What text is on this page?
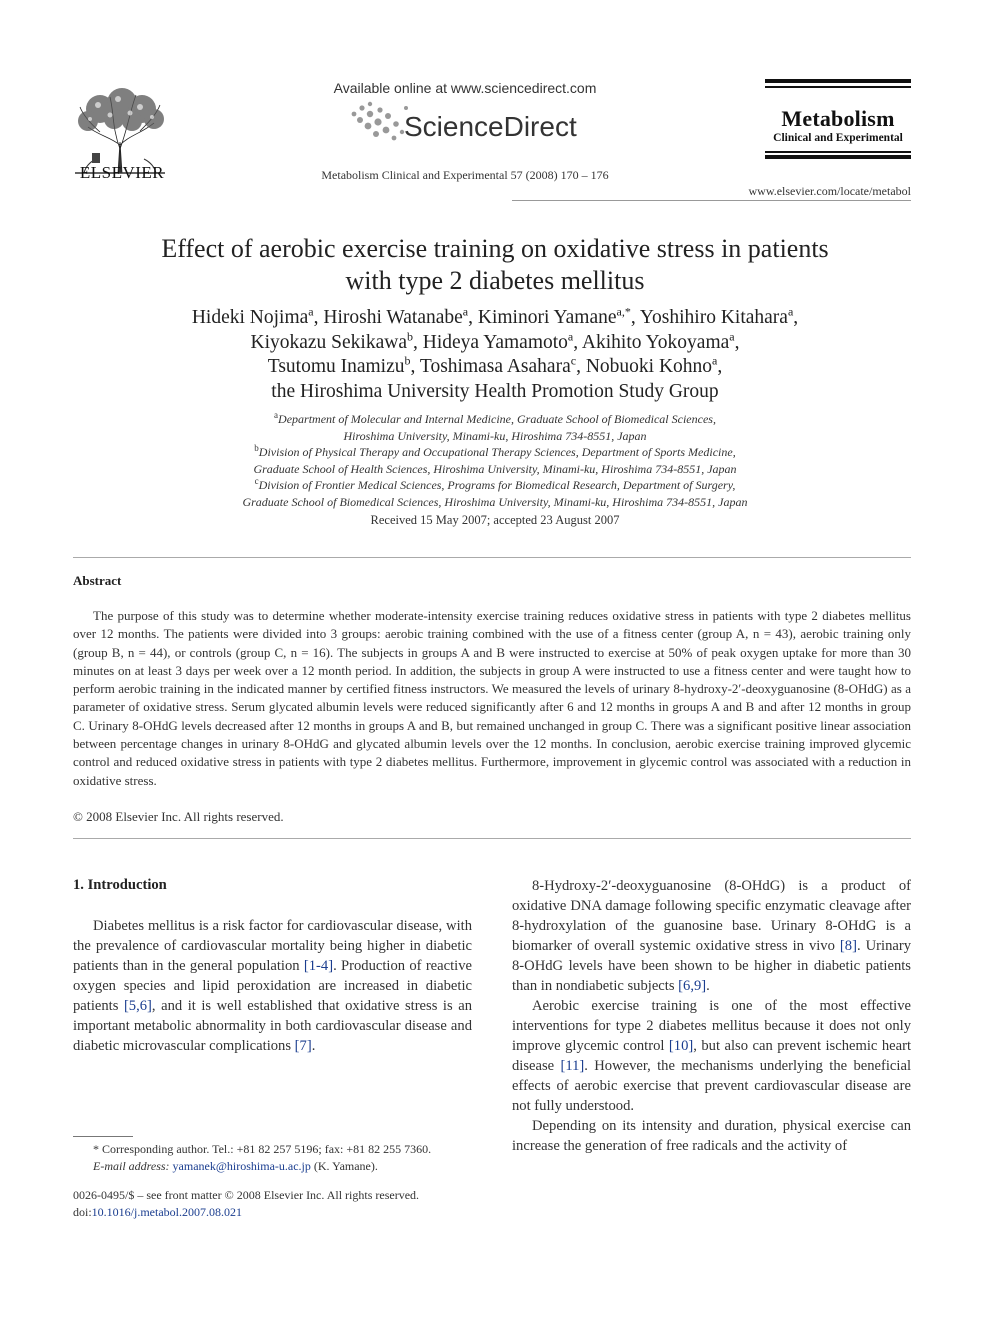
ELSEVIER
Available online at www.sciencedirect.com
ScienceDirect
Metabolism Clinical and Experimental 57 (2008) 170 – 176
Metabolism
Clinical and Experimental
www.elsevier.com/locate/metabol
Effect of aerobic exercise training on oxidative stress in patients
with type 2 diabetes mellitus
Hideki Nojima$^a$, Hiroshi Watanabe$^a$, Kiminori Yamane$^{a,*}$, Yoshihiro Kitahara$^a$,
Kiyokazu Sekikawa$^b$, Hideya Yamamoto$^a$, Akihito Yokoyama$^a$,
Tsutomu Inamizu$^b$, Toshimasa Asahara$^c$, Nobuoki Kohno$^a$,
the Hiroshima University Health Promotion Study Group
$^a$Department of Molecular and Internal Medicine, Graduate School of Biomedical Sciences,
Hiroshima University, Minami-ku, Hiroshima 734-8551, Japan
$^b$Division of Physical Therapy and Occupational Therapy Sciences, Department of Sports Medicine,
Graduate School of Health Sciences, Hiroshima University, Minami-ku, Hiroshima 734-8551, Japan
$^c$Division of Frontier Medical Sciences, Programs for Biomedical Research, Department of Surgery,
Graduate School of Biomedical Sciences, Hiroshima University, Minami-ku, Hiroshima 734-8551, Japan
Received 15 May 2007; accepted 23 August 2007
Abstract

The purpose of this study was to determine whether moderate-intensity exercise training reduces oxidative stress in patients with type 2 diabetes mellitus over 12 months. The patients were divided into 3 groups: aerobic training combined with the use of a fitness center (group A, n = 43), aerobic training only (group B, n = 44), or controls (group C, n = 16). The subjects in groups A and B were instructed to exercise at 50% of peak oxygen uptake for more than 30 minutes on at least 3 days per week over a 12 month period. In addition, the subjects in group A were instructed to use a fitness center and were taught how to perform aerobic training in the indicated manner by certified fitness instructors. We measured the levels of urinary 8-hydroxy-2′-deoxyguanosine (8-OHdG) as a parameter of oxidative stress. Serum glycated albumin levels were reduced significantly after 6 and 12 months in groups A and B and after 12 months in group C. Urinary 8-OHdG levels decreased after 12 months in groups A and B, but remained unchanged in group C. There was a significant positive linear association between percentage changes in urinary 8-OHdG and glycated albumin levels over the 12 months. In conclusion, aerobic exercise training improved glycemic control and reduced oxidative stress in patients with type 2 diabetes mellitus. Furthermore, improvement in glycemic control was associated with a reduction in oxidative stress.

© 2008 Elsevier Inc. All rights reserved.
1. Introduction

Diabetes mellitus is a risk factor for cardiovascular disease, with the prevalence of cardiovascular mortality being higher in diabetic patients than in the general population [1-4]. Production of reactive oxygen species and lipid peroxidation are increased in diabetic patients [5,6], and it is well established that oxidative stress is an important metabolic abnormality in both cardiovascular disease and diabetic microvascular complications [7].

8-Hydroxy-2′-deoxyguanosine (8-OHdG) is a product of oxidative DNA damage following specific enzymatic cleavage after 8-hydroxylation of the guanosine base. Urinary 8-OHdG is a biomarker of overall systemic oxidative stress in vivo [8]. Urinary 8-OHdG levels have been shown to be higher in diabetic patients than in nondiabetic subjects [6,9].

Aerobic exercise training is one of the most effective interventions for type 2 diabetes mellitus because it does not only improve glycemic control [10], but also can prevent ischemic heart disease [11]. However, the mechanisms underlying the beneficial effects of aerobic exercise that prevent cardiovascular disease are not fully understood.

Depending on its intensity and duration, physical exercise can increase the generation of free radicals and the activity of

* Corresponding author. Tel.: +81 82 257 5196; fax: +81 82 255 7360.

E-mail address: yamanek@hiroshima-u.ac.jp (K. Yamane).

0026-0495/$ – see front matter © 2008 Elsevier Inc. All rights reserved.

doi:10.1016/j.metabol.2007.08.021
